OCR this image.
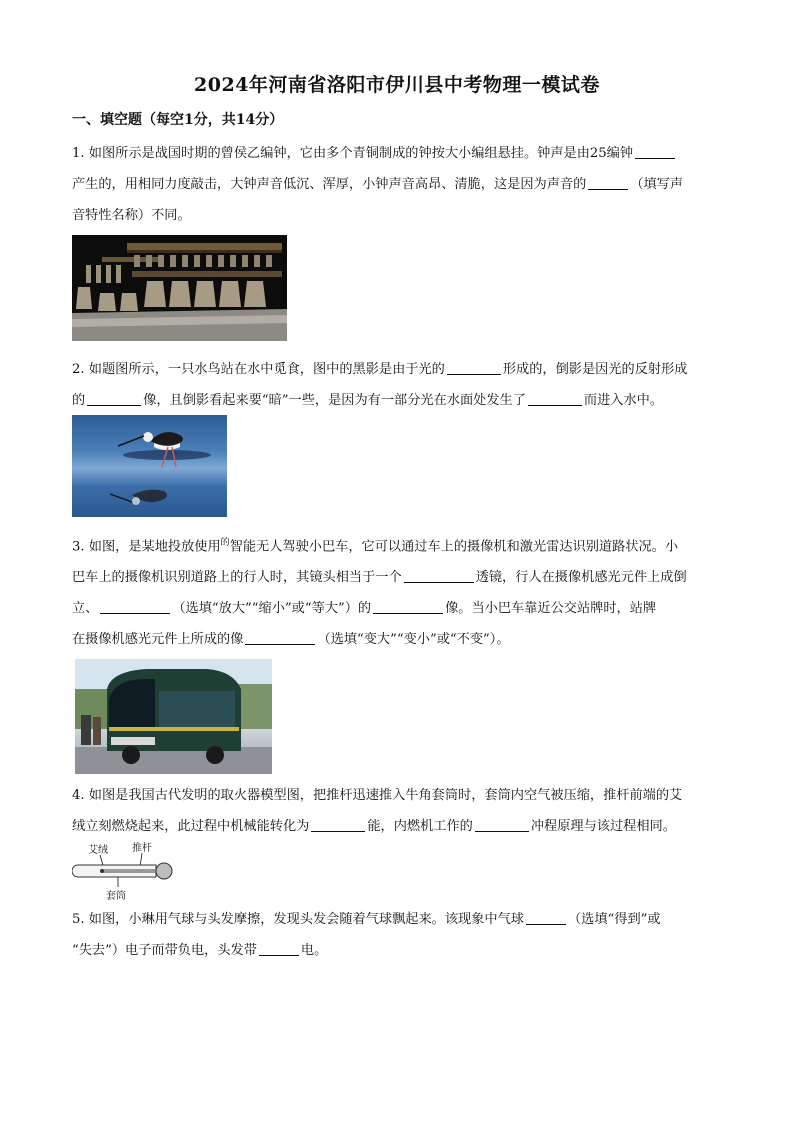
2024年河南省洛阳市伊川县中考物理一模试卷
一、填空题（每空1分，共14分）
1. 如图所示是战国时期的曾侯乙编钟，它由多个青铜制成的钟按大小编组悬挂。钟声是由25编钟
产生的，用相同力度敲击，大钟声音低沉、浑厚，小钟声音高昂、清脆，这是因为声音的	（填写声
音特性名称）不同。
2. 如题图所示，一只水鸟站在水中觅食，图中的黑影是由于光的	形成的，倒影是因光的反射形成
的	像，且倒影看起来要“暗”一些，是因为有一部分光在水面处发生了	而进入水中。
3. 如图，是某地投放使用$^的$智能无人驾驶小巴车，它可以通过车上的摄像机和激光雷达识别道路状况。小
巴车上的摄像机识别道路上的行人时，其镜头相当于一个	透镜，行人在摄像机感光元件上成倒
立、	（选填“放大”“缩小”或“等大”）的	像。当小巴车靠近公交站牌时，站牌
在摄像机感光元件上所成的像	（选填“变大”“变小”或“不变”）。
4. 如图是我国古代发明的取火器模型图，把推杆迅速推入牛角套筒时，套筒内空气被压缩，推杆前端的艾
绒立刻燃烧起来，此过程中机械能转化为	能，内燃机工作的	冲程原理与该过程相同。
艾绒 推杆
套筒
5. 如图，小琳用气球与头发摩擦，发现头发会随着气球飘起来。该现象中气球	（选填“得到”或
“失去”）电子而带负电，头发带	电。
